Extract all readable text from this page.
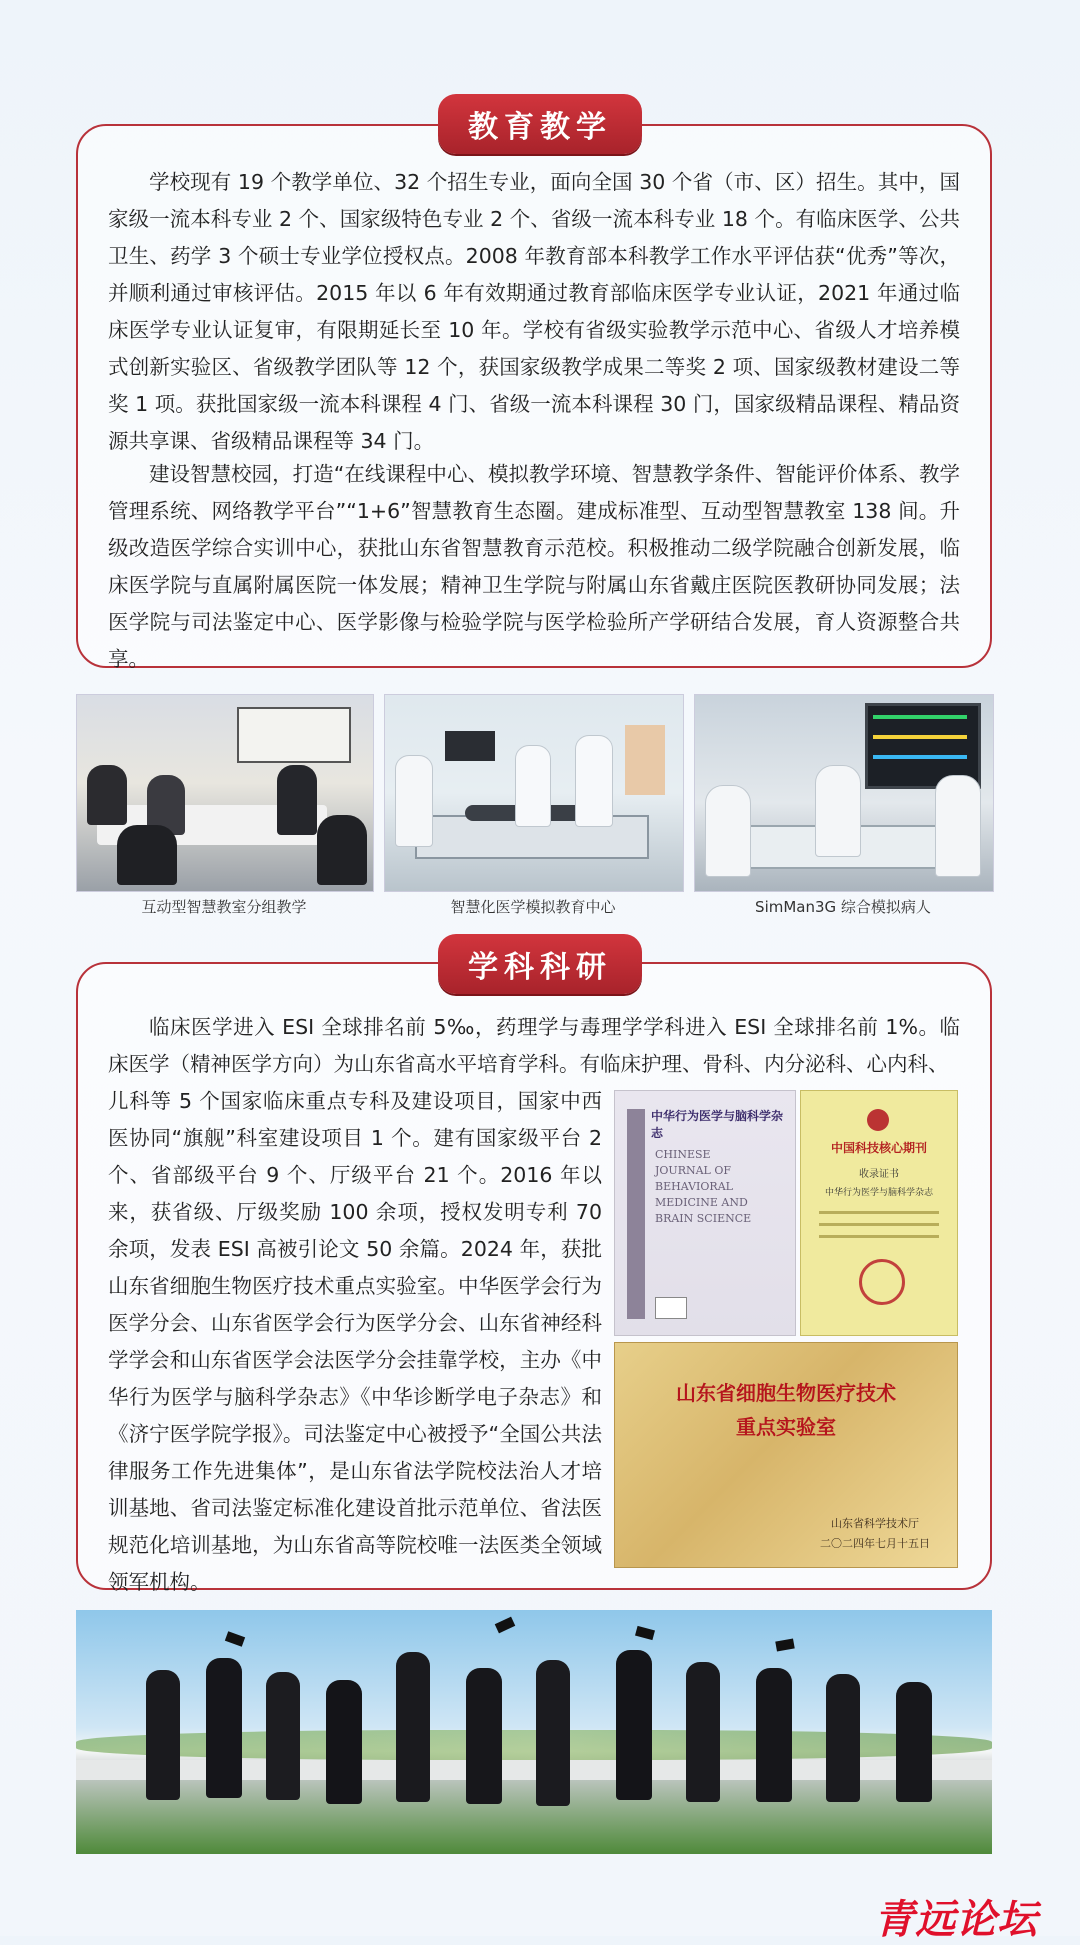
学校现有 19 个教学单位、32 个招生专业，面向全国 30 个省（市、区）招生。其中，国家级一流本科专业 2 个、国家级特色专业 2 个、省级一流本科专业 18 个。有临床医学、公共卫生、药学 3 个硕士专业学位授权点。2008 年教育部本科教学工作水平评估获“优秀”等次，并顺利通过审核评估。2015 年以 6 年有效期通过教育部临床医学专业认证，2021 年通过临床医学专业认证复审，有限期延长至 10 年。学校有省级实验教学示范中心、省级人才培养模式创新实验区、省级教学团队等 12 个，获国家级教学成果二等奖 2 项、国家级教材建设二等奖 1 项。获批国家级一流本科课程 4 门、省级一流本科课程 30 门，国家级精品课程、精品资源共享课、省级精品课程等 34 门。

建设智慧校园，打造“在线课程中心、模拟教学环境、智慧教学条件、智能评价体系、教学管理系统、网络教学平台”“1+6”智慧教育生态圈。建成标准型、互动型智慧教室 138 间。升级改造医学综合实训中心，获批山东省智慧教育示范校。积极推动二级学院融合创新发展，临床医学院与直属附属医院一体发展；精神卫生学院与附属山东省戴庄医院医教研协同发展；法医学院与司法鉴定中心、医学影像与检验学院与医学检验所产学研结合发展，育人资源整合共享。

教育教学
互动型智慧教室分组教学	智慧化医学模拟教育中心	SimMan3G 综合模拟病人

临床医学进入 ESI 全球排名前 5‰，药理学与毒理学学科进入 ESI 全球排名前 1%。临床医学（精神医学方向）为山东省高水平培育学科。有临床护理、骨科、内分泌科、心内科、

儿科等 5 个国家临床重点专科及建设项目，国家中西医协同“旗舰”科室建设项目 1 个。建有国家级平台 2 个、省部级平台 9 个、厅级平台 21 个。2016 年以来，获省级、厅级奖励 100 余项，授权发明专利 70 余项，发表 ESI 高被引论文 50 余篇。2024 年，获批山东省细胞生物医疗技术重点实验室。中华医学会行为医学分会、山东省医学会行为医学分会、山东省神经科学学会和山东省医学会法医学分会挂靠学校，主办《中华行为医学与脑科学杂志》《中华诊断学电子杂志》和《济宁医学院学报》。司法鉴定中心被授予“全国公共法律服务工作先进集体”，是山东省法学院校法治人才培训基地、省司法鉴定标准化建设首批示范单位、省法医规范化培训基地，为山东省高等院校唯一法医类全领域领军机构。

学科科研
中华行为医学与脑科学杂志
CHINESE
JOURNAL OF
BEHAVIORAL
MEDICINE AND
BRAIN SCIENCE
中国科技核心期刊
收录证书
中华行为医学与脑科学杂志
山东省细胞生物医疗技术
重点实验室
山东省科学技术厅
二〇二四年七月十五日
青远论坛
